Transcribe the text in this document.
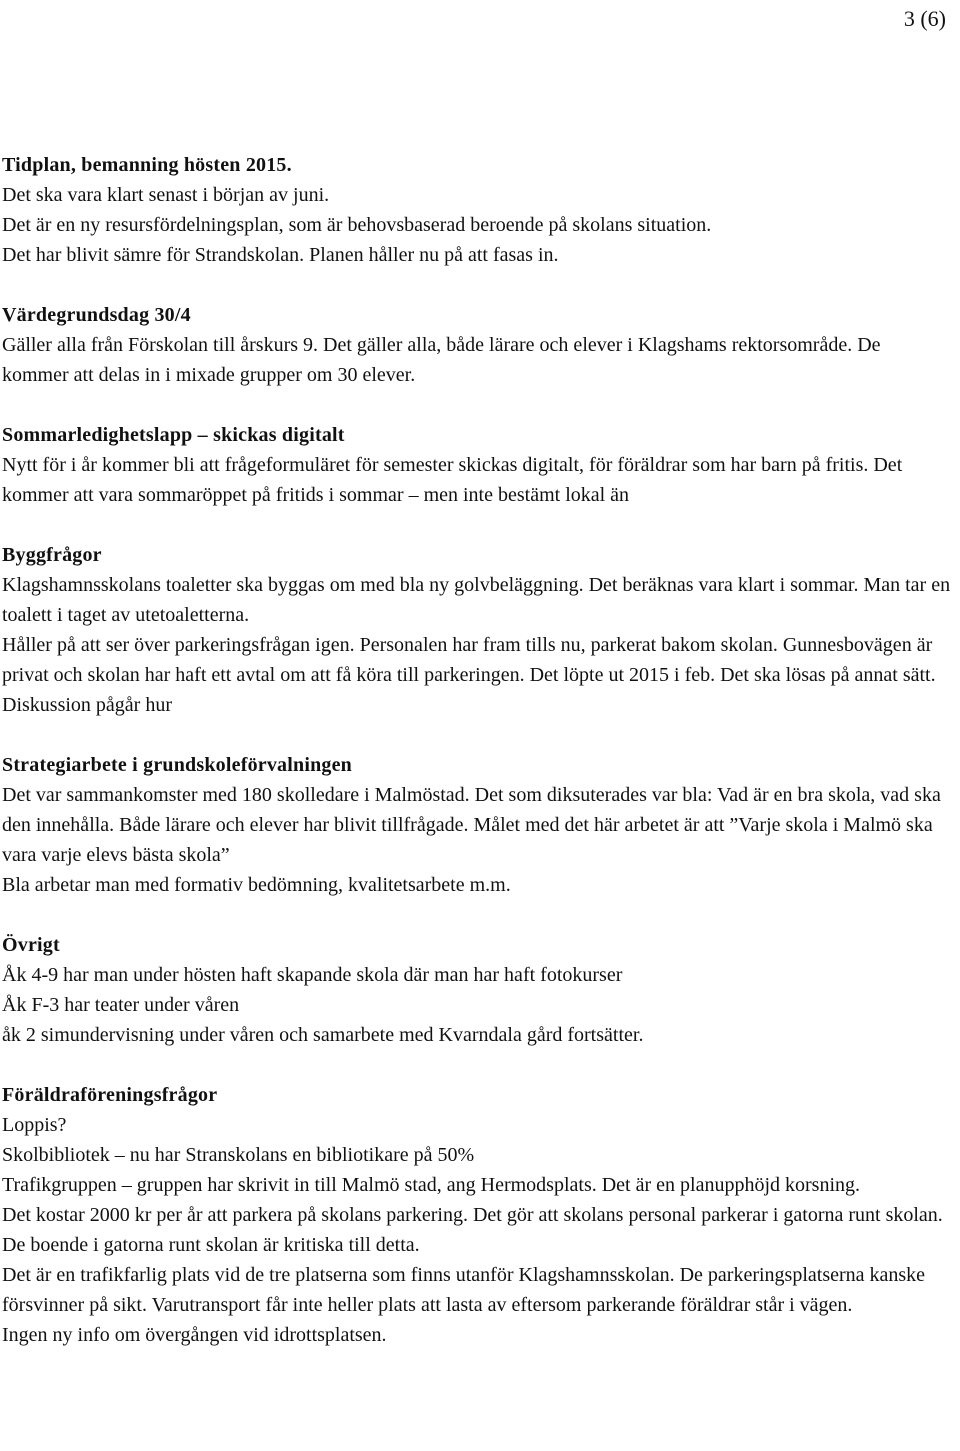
3 (6)
Tidplan, bemanning hösten 2015.
Det ska vara klart senast i början av juni.
Det är en ny resursfördelningsplan, som är behovsbaserad beroende på skolans situation.
Det har blivit sämre för Strandskolan. Planen håller nu på att fasas in.
Värdegrundsdag 30/4
Gäller alla från Förskolan till årskurs 9. Det gäller alla, både lärare och elever i Klagshams rektorsområde. De kommer att delas in i mixade grupper om 30 elever.
Sommarledighetslapp – skickas digitalt
Nytt för i år kommer bli att frågeformuläret för semester skickas digitalt, för föräldrar som har barn på fritis. Det kommer att vara sommaröppet på fritids i sommar – men inte bestämt lokal än
Byggfrågor
Klagshamnsskolans toaletter ska byggas om med bla ny golvbeläggning. Det beräknas vara klart i sommar. Man tar en toalett i taget av utetoaletterna.
Håller på att ser över parkeringsfrågan igen. Personalen har fram tills nu, parkerat bakom skolan. Gunnesbovägen är privat och skolan har haft ett avtal om att få köra till parkeringen. Det löpte ut 2015 i feb. Det ska lösas på annat sätt. Diskussion pågår hur
Strategiarbete i grundskoleförvalningen
Det var sammankomster med 180 skolledare i Malmöstad. Det som diksuterades var bla: Vad är en bra skola, vad ska den innehålla. Både lärare och elever har blivit tillfrågade. Målet med det här arbetet är att ”Varje skola i Malmö ska vara varje elevs bästa skola”
Bla arbetar man med formativ bedömning, kvalitetsarbete m.m.
Övrigt
Åk 4-9 har man under hösten haft skapande skola där man har haft fotokurser
Åk F-3 har teater under våren
åk 2 simundervisning under våren och samarbete med Kvarndala gård fortsätter.
Föräldraföreningsfrågor
Loppis?
Skolbibliotek – nu har Stranskolans en bibliotikare på 50%
Trafikgruppen – gruppen har skrivit in till Malmö stad, ang Hermodsplats. Det är en planupphöjd korsning.
Det kostar 2000 kr per år att parkera på skolans parkering. Det gör att skolans personal parkerar i gatorna runt skolan. De boende i gatorna runt skolan är kritiska till detta.
Det är en trafikfarlig plats vid de tre platserna som finns utanför Klagshamnsskolan. De parkeringsplatserna kanske försvinner på sikt. Varutransport får inte heller plats att lasta av eftersom parkerande föräldrar står i vägen.
Ingen ny info om övergången vid idrottsplatsen.
